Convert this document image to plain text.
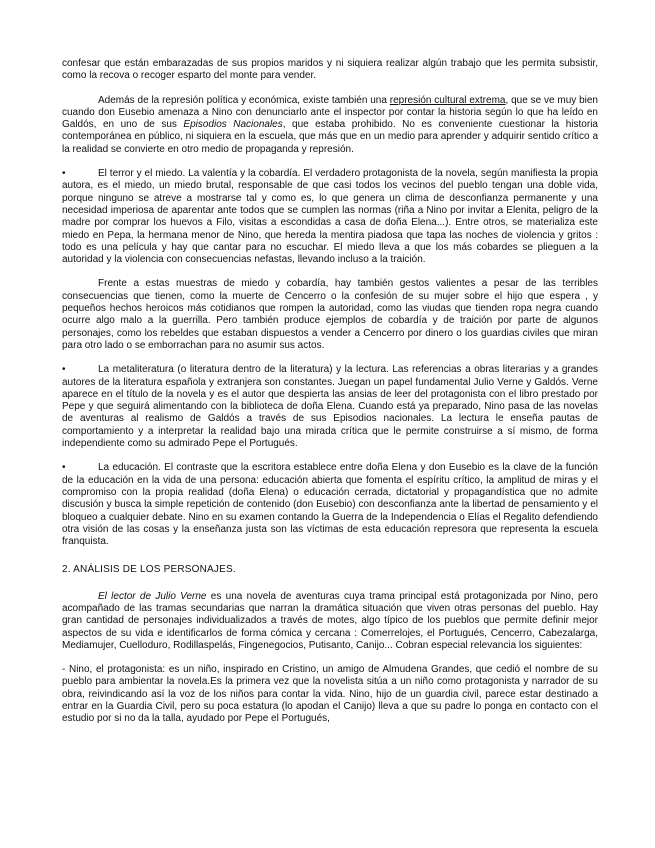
confesar que están embarazadas de sus propios maridos y ni siquiera realizar algún trabajo que les permita subsistir, como la recova o recoger esparto del monte para vender.

Además de la represión política y económica, existe también una represión cultural extrema, que se ve muy bien cuando don Eusebio amenaza a Nino con denunciarlo ante el inspector por contar la historia según lo que ha leído en Galdós, en uno de sus Episodios Nacionales, que estaba prohibido. No es conveniente cuestionar la historia contemporánea en público, ni siquiera en la escuela, que más que en un medio para aprender y adquirir sentido crítico a la realidad se convierte en otro medio de propaganda y represión.

•	El terror y el miedo. La valentía y la cobardía. El verdadero protagonista de la novela, según manifiesta la propia autora, es el miedo, un miedo brutal, responsable de que casi todos los vecinos del pueblo tengan una doble vida, porque ninguno se atreve a mostrarse tal y como es, lo que genera un clima de desconfianza permanente y una necesidad imperiosa de aparentar ante todos que se cumplen las normas (riña a Nino por invitar a Elenita, peligro de la madre por comprar los huevos a Filo, visitas a escondidas a casa de doña Elena...). Entre otros, se materializa este miedo en Pepa, la hermana menor de Nino, que hereda la mentira piadosa que tapa las noches de violencia y gritos : todo es una película y hay que cantar para no escuchar. El miedo lleva a que los más cobardes se plieguen a la autoridad y la violencia con consecuencias nefastas, llevando incluso a la traición.

Frente a estas muestras de miedo y cobardía, hay también gestos valientes a pesar de las terribles consecuencias que tienen, como la muerte de Cencerro o la confesión de su mujer sobre el hijo que espera , y pequeños hechos heroicos más cotidianos que rompen la autoridad, como las viudas que tienden ropa negra cuando ocurre algo malo a la guerrilla. Pero también produce ejemplos de cobardía y de traición por parte de algunos personajes, como los rebeldes que estaban dispuestos a vender a Cencerro por dinero o los guardias civiles que miran para otro lado o se emborrachan para no asumir sus actos.

•	La metaliteratura (o literatura dentro de la literatura) y la lectura. Las referencias a obras literarias y a grandes autores de la literatura española y extranjera son constantes. Juegan un papel fundamental Julio Verne y Galdós. Verne aparece en el título de la novela y es el autor que despierta las ansias de leer del protagonista con el libro prestado por Pepe y que seguirá alimentando con la biblioteca de doña Elena. Cuando está ya preparado, Nino pasa de las novelas de aventuras al realismo de Galdós a través de sus Episodios nacionales. La lectura le enseña pautas de comportamiento y a interpretar la realidad bajo una mirada crítica que le permite construirse a sí mismo, de forma independiente como su admirado Pepe el Portugués.

•	La educación. El contraste que la escritora establece entre doña Elena y don Eusebio es la clave de la función de la educación en la vida de una persona: educación abierta que fomenta el espíritu crítico, la amplitud de miras y el compromiso con la propia realidad (doña Elena) o educación cerrada, dictatorial y propagandística que no admite discusión y busca la simple repetición de contenido (don Eusebio) con desconfianza ante la libertad de pensamiento y el bloqueo a cualquier debate. Nino en su examen contando la Guerra de la Independencia o Elías el Regalito defendiendo otra visión de las cosas y la enseñanza justa son las víctimas de esta educación represora que representa la escuela franquista.

2. ANÁLISIS DE LOS PERSONAJES.

El lector de Julio Verne es una novela de aventuras cuya trama principal está protagonizada por Nino, pero acompañado de las tramas secundarias que narran la dramática situación que viven otras personas del pueblo. Hay gran cantidad de personajes individualizados a través de motes, algo típico de los pueblos que permite definir mejor aspectos de su vida e identificarlos de forma cómica y cercana : Comerrelojes, el Portugués, Cencerro, Cabezalarga, Mediamujer, Cuelloduro, Rodillaspelás, Fingenegocios, Putisanto, Canijo... Cobran especial relevancia los siguientes:

- Nino, el protagonista: es un niño, inspirado en Cristino, un amigo de Almudena Grandes, que cedió el nombre de su pueblo para ambientar la novela.Es la primera vez que la novelista sitúa a un niño como protagonista y narrador de su obra, reivindicando así la voz de los niños para contar la vida. Nino, hijo de un guardia civil, parece estar destinado a entrar en la Guardia Civil, pero su poca estatura (lo apodan el Canijo) lleva a que su padre lo ponga en contacto con el estudio por si no da la talla, ayudado por Pepe el Portugués,
